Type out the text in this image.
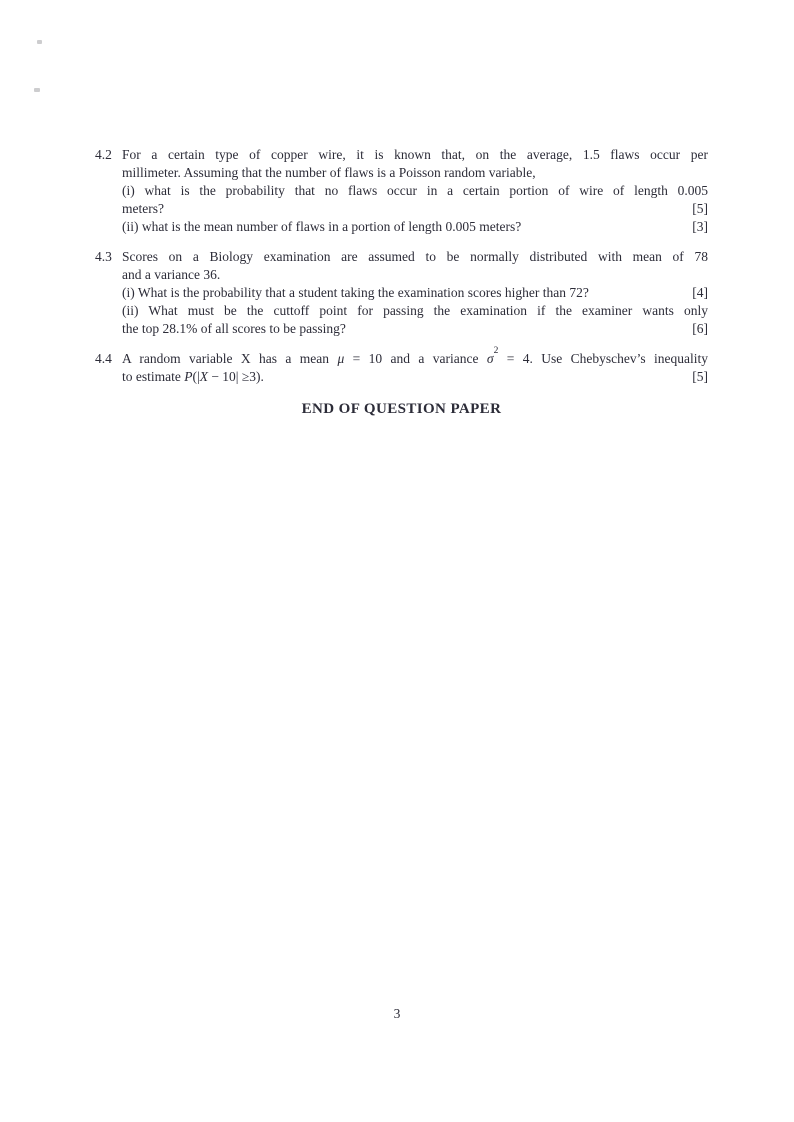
4.2 For a certain type of copper wire, it is known that, on the average, 1.5 flaws occur per
millimeter. Assuming that the number of flaws is a Poisson random variable,
(i) what is the probability that no flaws occur in a certain portion of wire of length 0.005
meters?	[5]
(ii) what is the mean number of flaws in a portion of length 0.005 meters?	[3]
4.3 Scores on a Biology examination are assumed to be normally distributed with mean of 78
and a variance 36.
(i) What is the probability that a student taking the examination scores higher than 72?	[4]
(ii) What must be the cuttoff point for passing the examination if the examiner wants only
the top 28.1% of all scores to be passing?	[6]
4.4 A random variable X has a mean μ = 10 and a variance $\sigma^2 = 4$. Use Chebyschev’s inequality
to estimate P(|X − 10| ≥3).	[5]
END OF QUESTION PAPER
3
